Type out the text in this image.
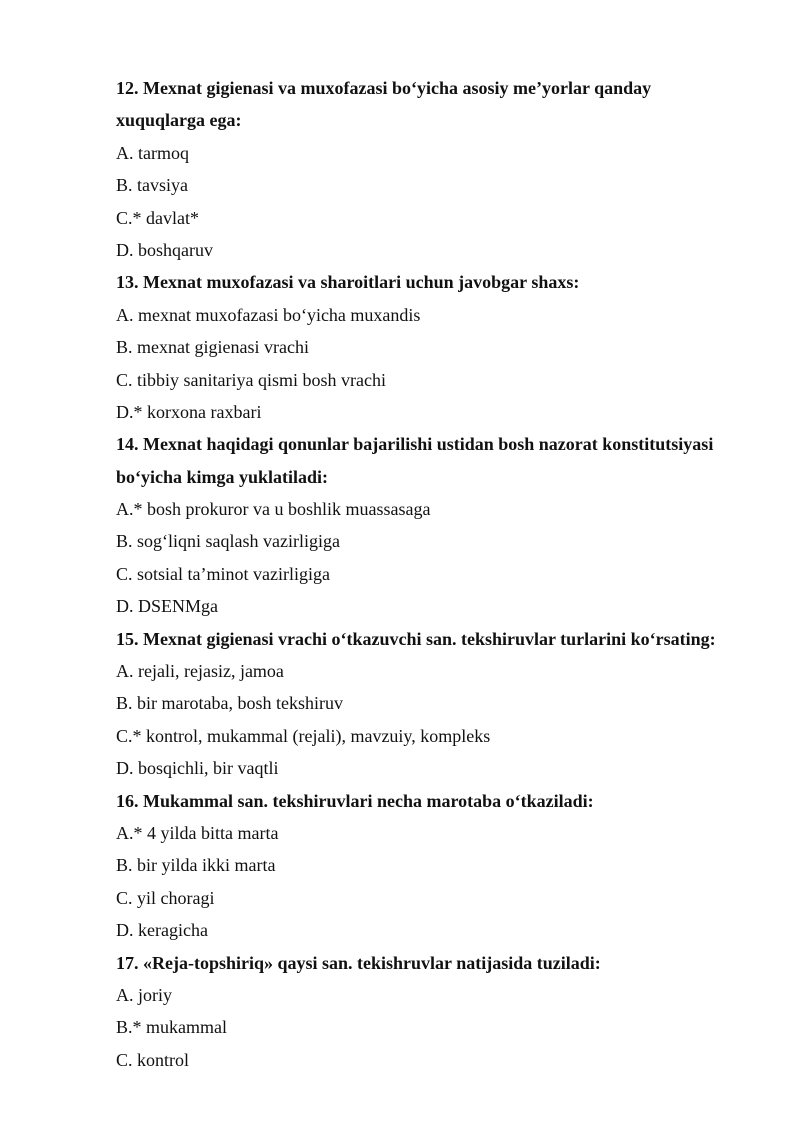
12. Mexnat gigienasi va muxofazasi bo‘yicha asosiy me’yorlar qanday
xuquqlarga ega:
A. tarmoq
B. tavsiya
C.* davlat*
D. boshqaruv
13. Mexnat muxofazasi va sharoitlari uchun javobgar shaxs:
A. mexnat muxofazasi bo‘yicha muxandis
B. mexnat gigienasi vrachi
C. tibbiy sanitariya qismi bosh vrachi
D.* korxona raxbari
14. Mexnat haqidagi qonunlar bajarilishi ustidan bosh nazorat konstitutsiyasi
bo‘yicha kimga yuklatiladi:
A.* bosh prokuror va u boshlik muassasaga
B. sog‘liqni saqlash vazirligiga
C. sotsial ta’minot vazirligiga
D. DSENMga
15. Mexnat gigienasi vrachi o‘tkazuvchi san. tekshiruvlar turlarini ko‘rsating:
A. rejali, rejasiz, jamoa
B. bir marotaba, bosh tekshiruv
C.* kontrol, mukammal (rejali), mavzuiy, kompleks
D. bosqichli, bir vaqtli
16. Mukammal san. tekshiruvlari necha marotaba o‘tkaziladi:
A.* 4 yilda bitta marta
B. bir yilda ikki marta
C. yil choragi
D. keragicha
17. «Reja-topshiriq» qaysi san. tekishruvlar natijasida tuziladi:
A. joriy
B.* mukammal
C. kontrol
